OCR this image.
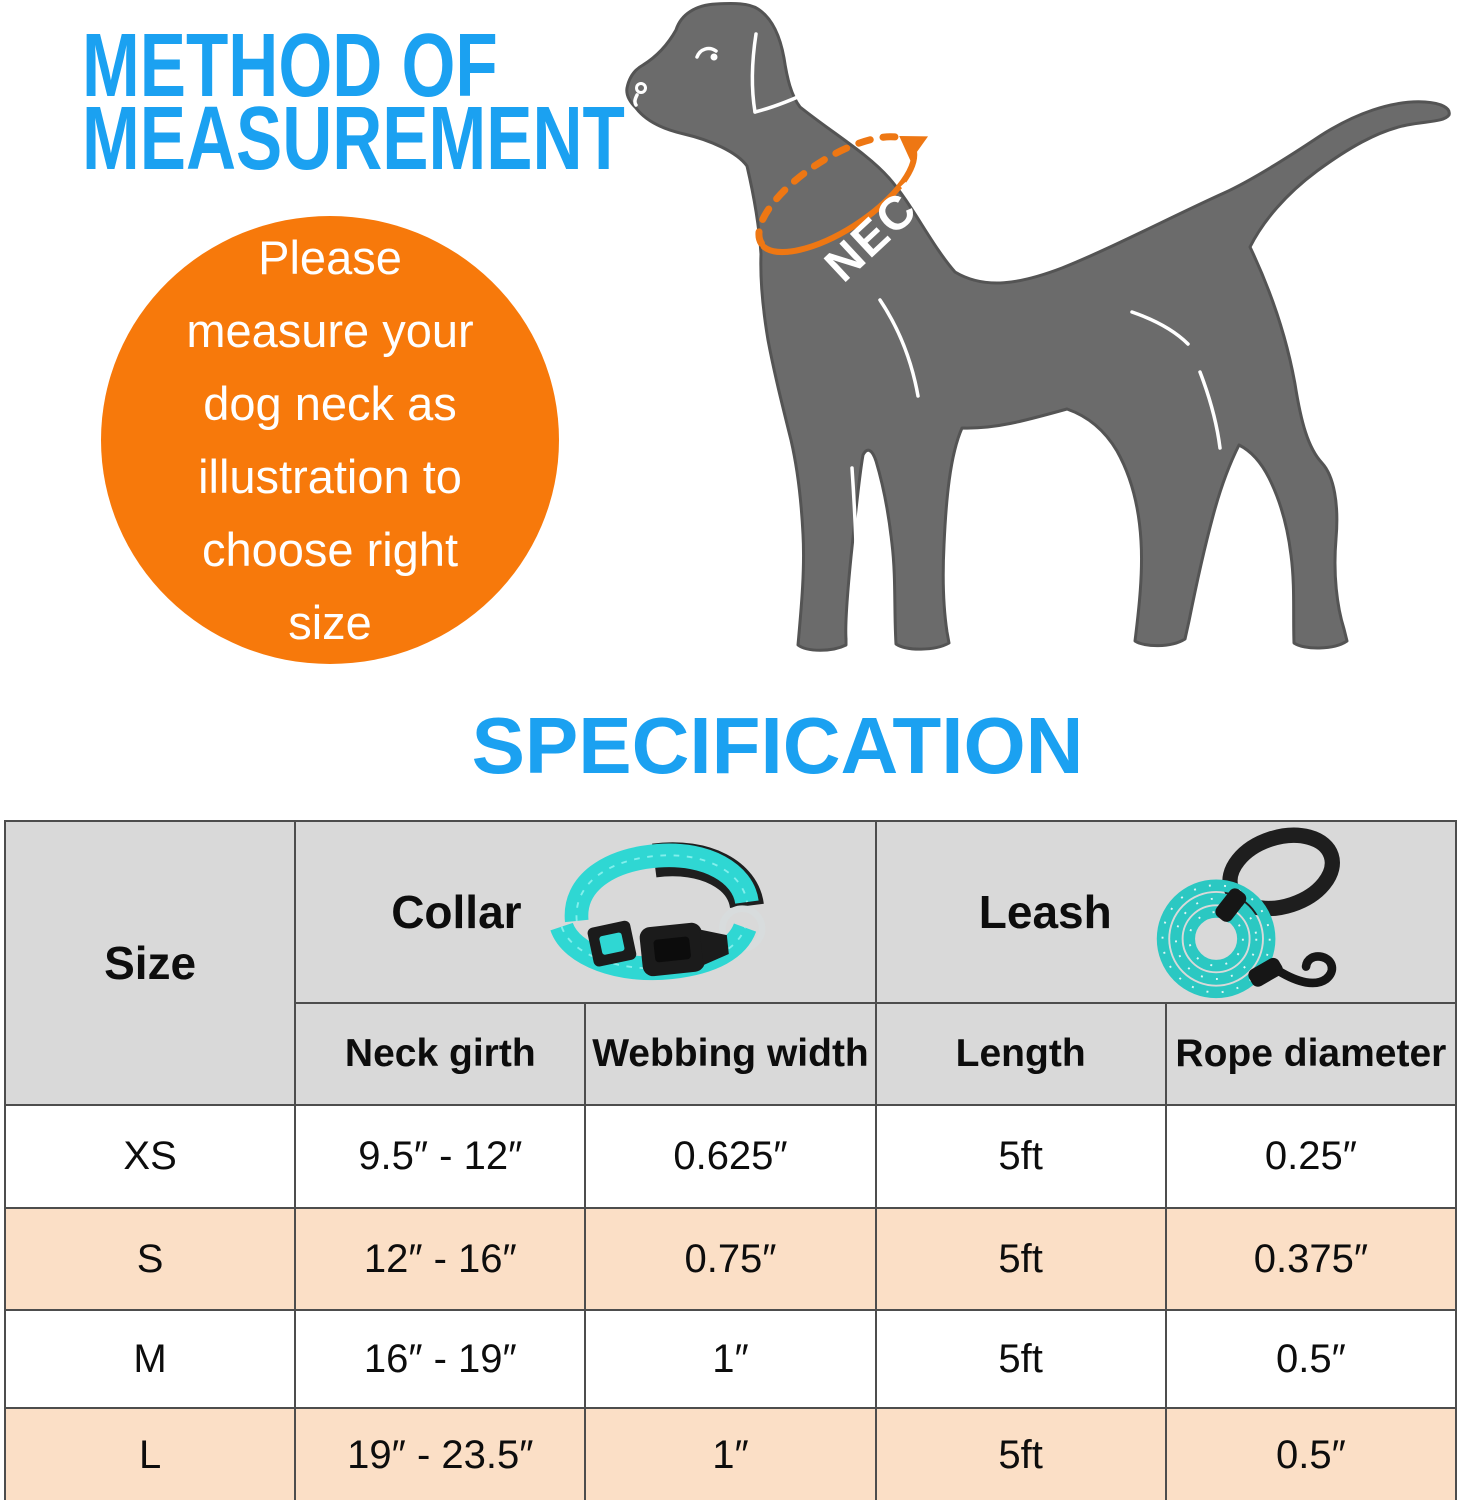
METHOD OF
MEASUREMENT
Please
measure your
dog neck as
illustration to
choose right
size
NECK
SPECIFICATION
Size	Collar		Leash	

	Neck girth	Webbing width	Length	Rope diameter
XS	9.5″ - 12″	0.625″	5ft	0.25″
S	12″ - 16″	0.75″	5ft	0.375″
M	16″ - 19″	1″	5ft	0.5″
L	19″ - 23.5″	1″	5ft	0.5″
